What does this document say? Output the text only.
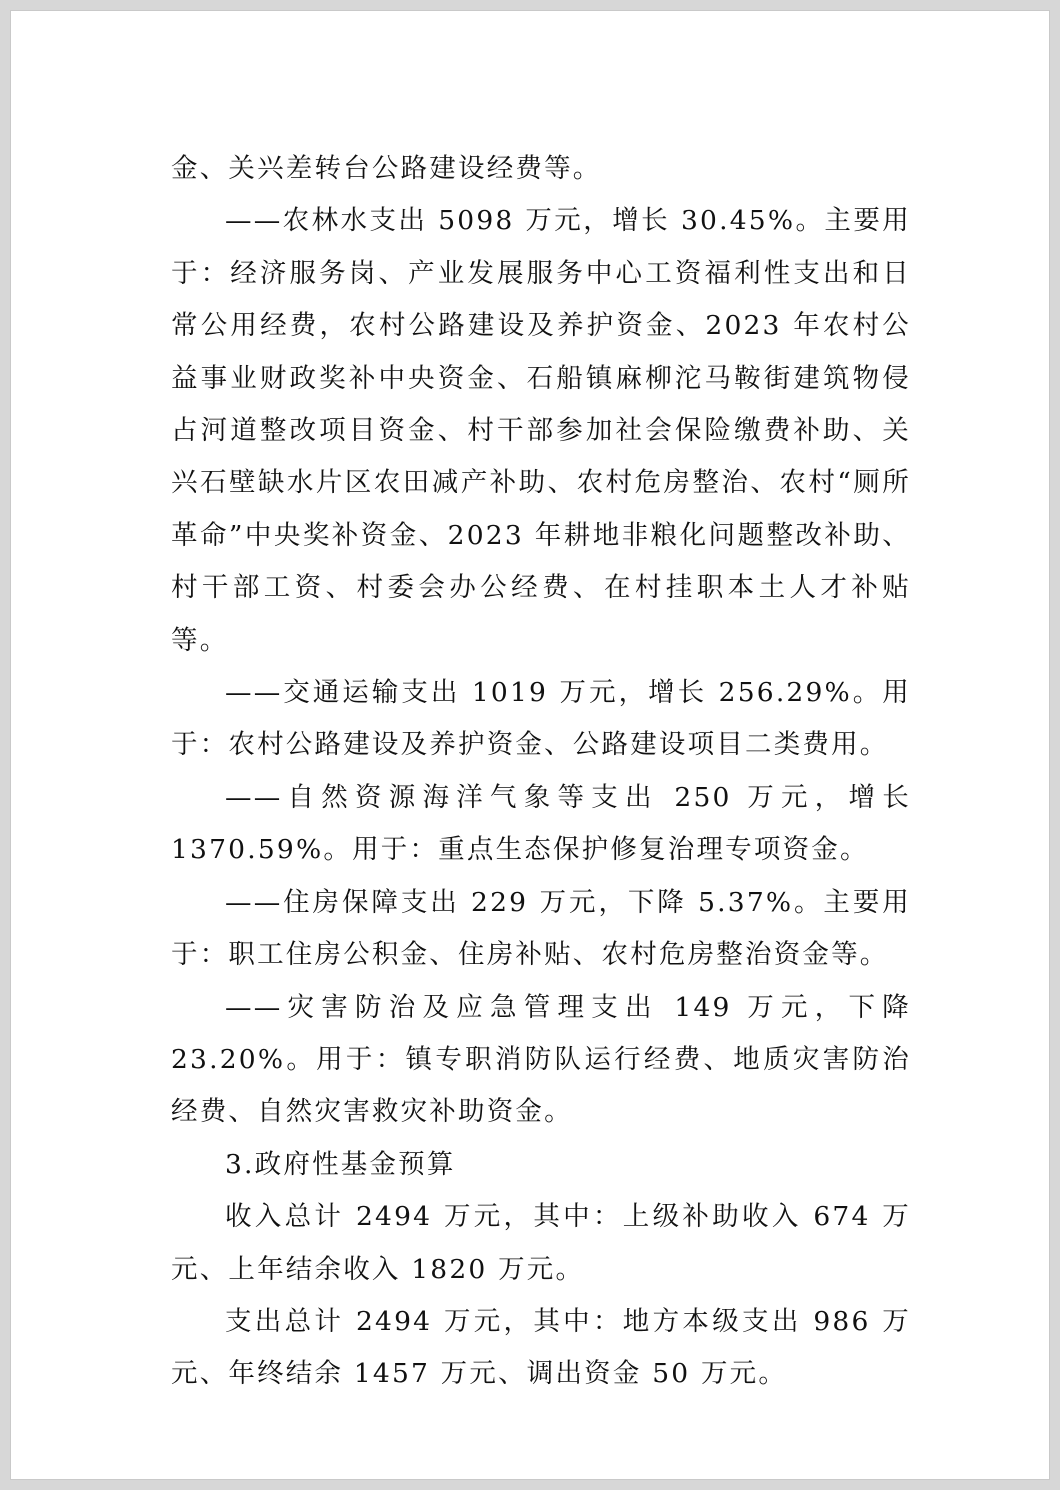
金、关兴差转台公路建设经费等。

——农林水支出 5098 万元，增长 30.45%。主要用于：经济服务岗、产业发展服务中心工资福利性支出和日常公用经费，农村公路建设及养护资金、2023 年农村公益事业财政奖补中央资金、石船镇麻柳沱马鞍街建筑物侵占河道整改项目资金、村干部参加社会保险缴费补助、关兴石壁缺水片区农田减产补助、农村危房整治、农村“厕所革命”中央奖补资金、2023 年耕地非粮化问题整改补助、村干部工资、村委会办公经费、在村挂职本土人才补贴等。

——交通运输支出 1019 万元，增长 256.29%。用于：农村公路建设及养护资金、公路建设项目二类费用。

——自然资源海洋气象等支出 250 万元，增长 1370.59%。用于：重点生态保护修复治理专项资金。

——住房保障支出 229 万元，下降 5.37%。主要用于：职工住房公积金、住房补贴、农村危房整治资金等。

——灾害防治及应急管理支出 149 万元，下降 23.20%。用于：镇专职消防队运行经费、地质灾害防治经费、自然灾害救灾补助资金。

3.政府性基金预算

收入总计 2494 万元，其中：上级补助收入 674 万元、上年结余收入 1820 万元。

支出总计 2494 万元，其中：地方本级支出 986 万元、年终结余 1457 万元、调出资金 50 万元。
